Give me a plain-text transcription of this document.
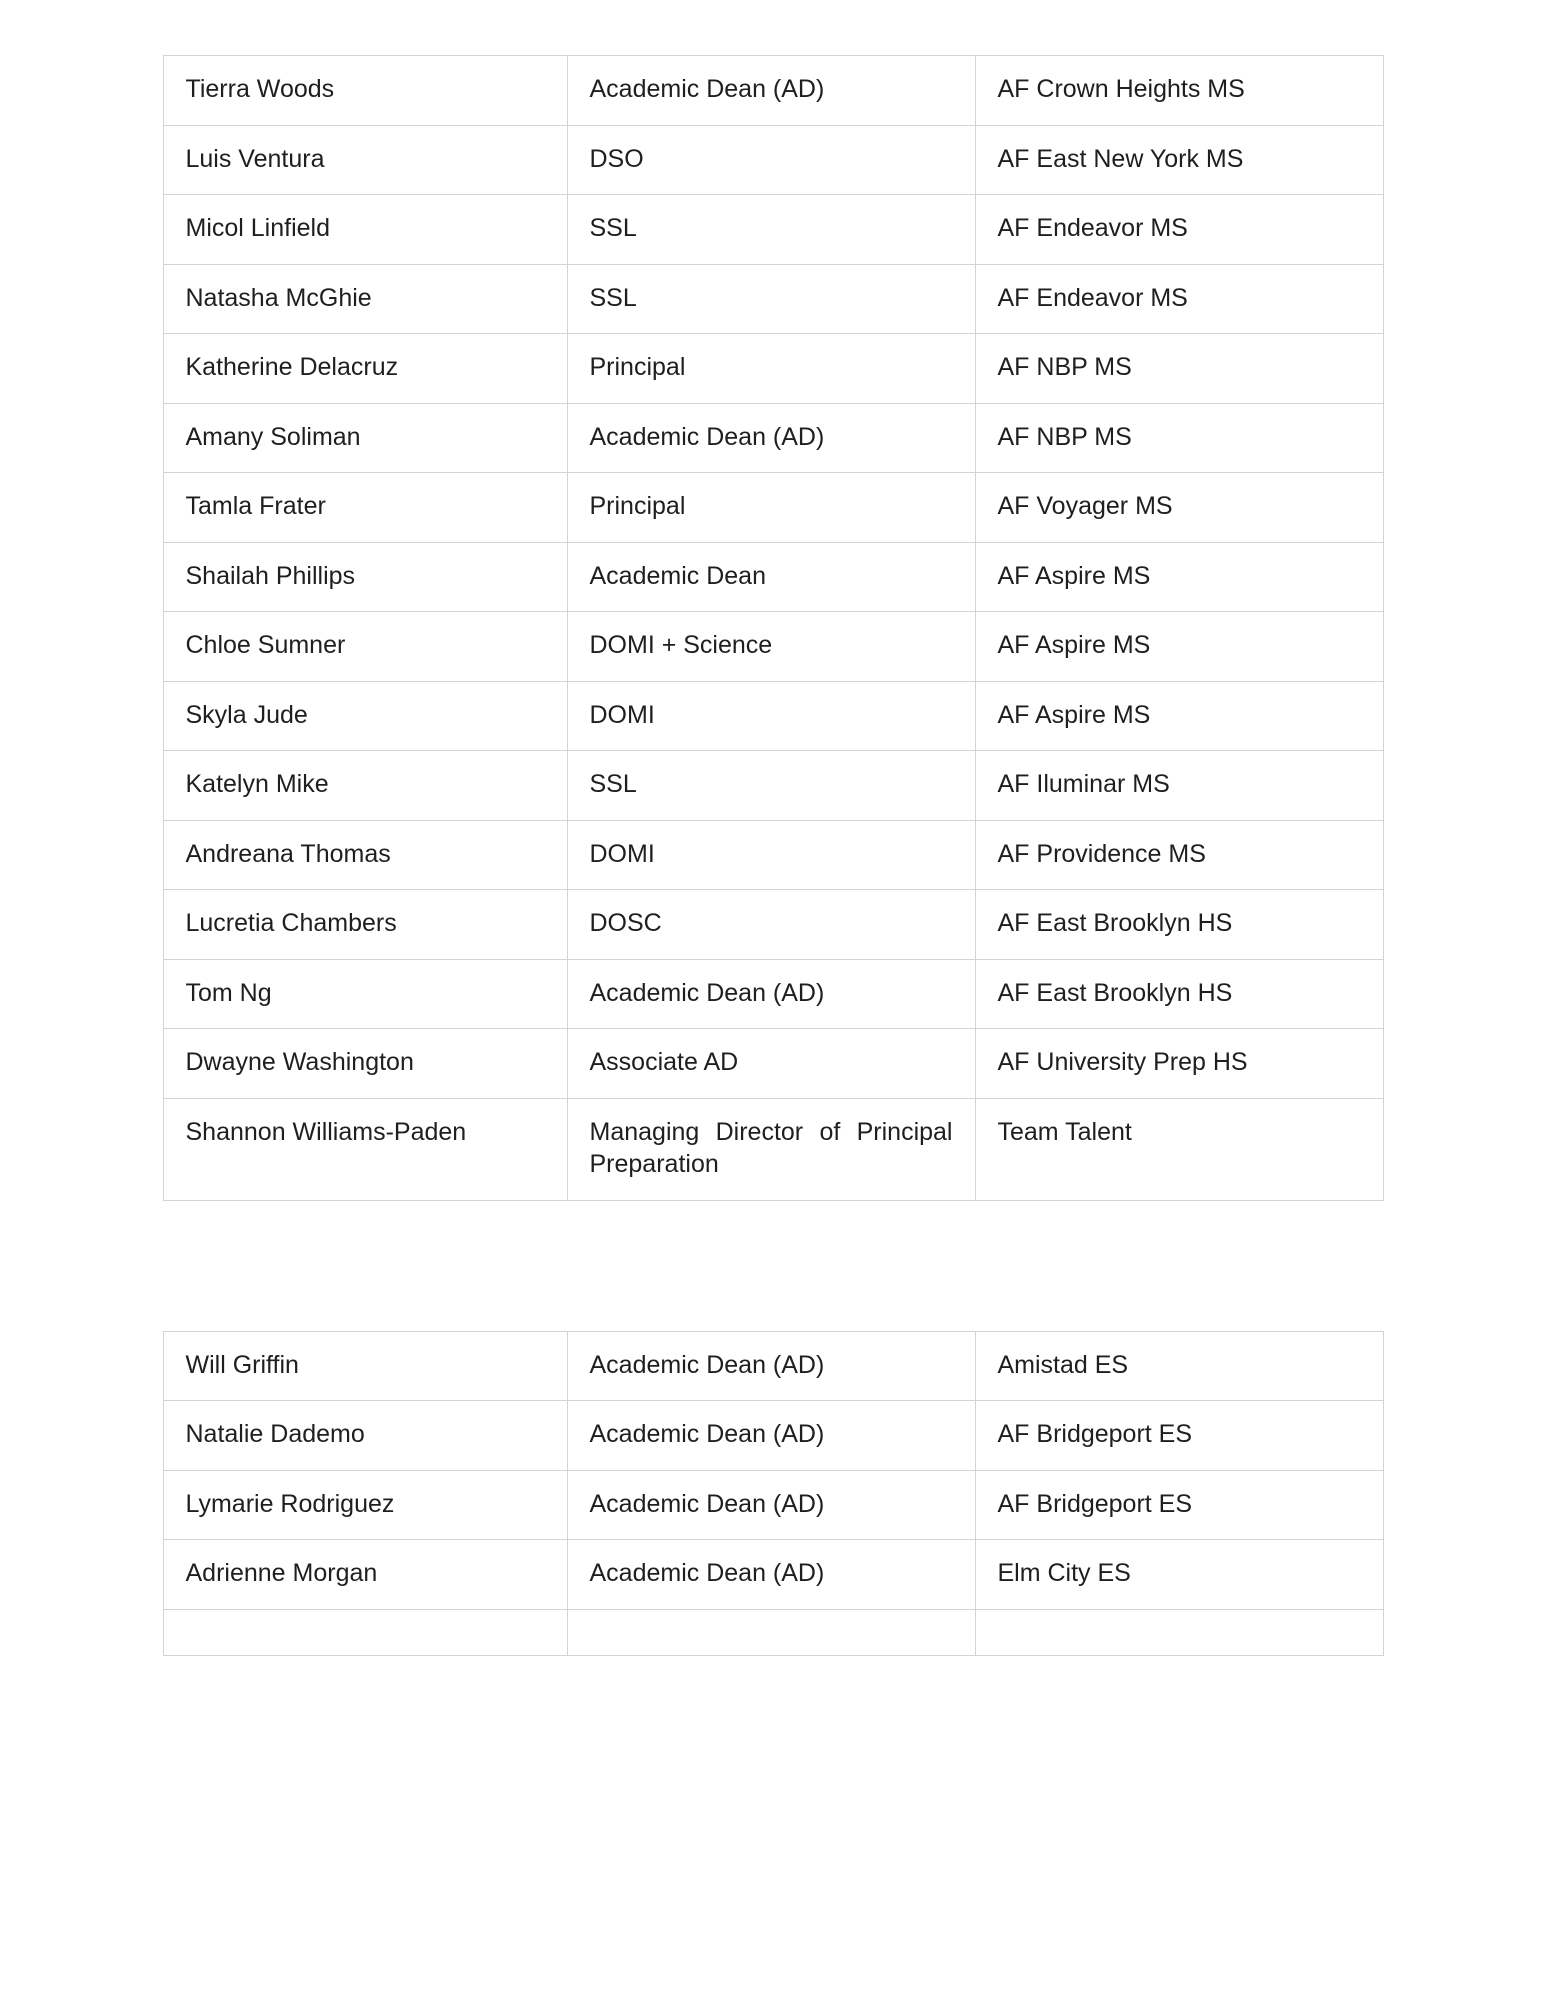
Tierra Woods	Academic Dean (AD)	AF Crown Heights MS
Luis Ventura	DSO	AF East New York MS
Micol Linfield	SSL	AF Endeavor MS
Natasha McGhie	SSL	AF Endeavor MS
Katherine Delacruz	Principal	AF NBP MS
Amany Soliman	Academic Dean (AD)	AF NBP MS
Tamla Frater	Principal	AF Voyager MS
Shailah Phillips	Academic Dean	AF Aspire MS
Chloe Sumner	DOMI + Science	AF Aspire MS
Skyla Jude	DOMI	AF Aspire MS
Katelyn Mike	SSL	AF Iluminar MS
Andreana Thomas	DOMI	AF Providence MS
Lucretia Chambers	DOSC	AF East Brooklyn HS
Tom Ng	Academic Dean (AD)	AF East Brooklyn HS
Dwayne Washington	Associate AD	AF University Prep HS
Shannon Williams-Paden	Managing Director of Principal Preparation	Team Talent
Will Griffin	Academic Dean (AD)	Amistad ES
Natalie Dademo	Academic Dean (AD)	AF Bridgeport ES
Lymarie Rodriguez	Academic Dean (AD)	AF Bridgeport ES
Adrienne Morgan	Academic Dean (AD)	Elm City ES
